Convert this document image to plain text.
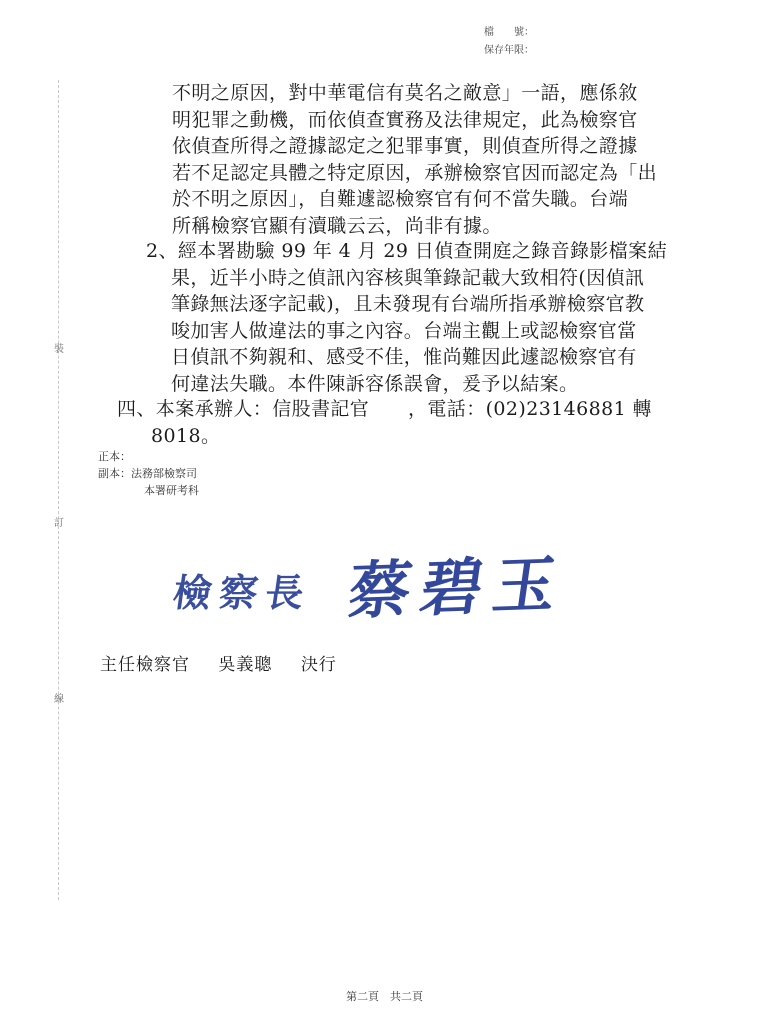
檔　　號：
保存年限：
裝
訂
線
不明之原因，對中華電信有莫名之敵意」一語，應係敘
明犯罪之動機，而依偵查實務及法律規定，此為檢察官
依偵查所得之證據認定之犯罪事實，則偵查所得之證據
若不足認定具體之特定原因，承辦檢察官因而認定為「出
於不明之原因」，自難遽認檢察官有何不當失職。台端
所稱檢察官顯有瀆職云云，尚非有據。
2、經本署勘驗 99 年 4 月 29 日偵查開庭之錄音錄影檔案結
果，近半小時之偵訊內容核與筆錄記載大致相符(因偵訊
筆錄無法逐字記載)，且未發現有台端所指承辦檢察官教
唆加害人做違法的事之內容。台端主觀上或認檢察官當
日偵訊不夠親和、感受不佳，惟尚難因此遽認檢察官有
何違法失職。本件陳訴容係誤會，爰予以結案。
四、本案承辦人：信股書記官　　，電話：(02)23146881 轉
8018。
正本：
副本：法務部檢察司
本署研考科
檢察長 蔡碧玉
主任檢察官 吳義聰 決行
第二頁　共二頁
